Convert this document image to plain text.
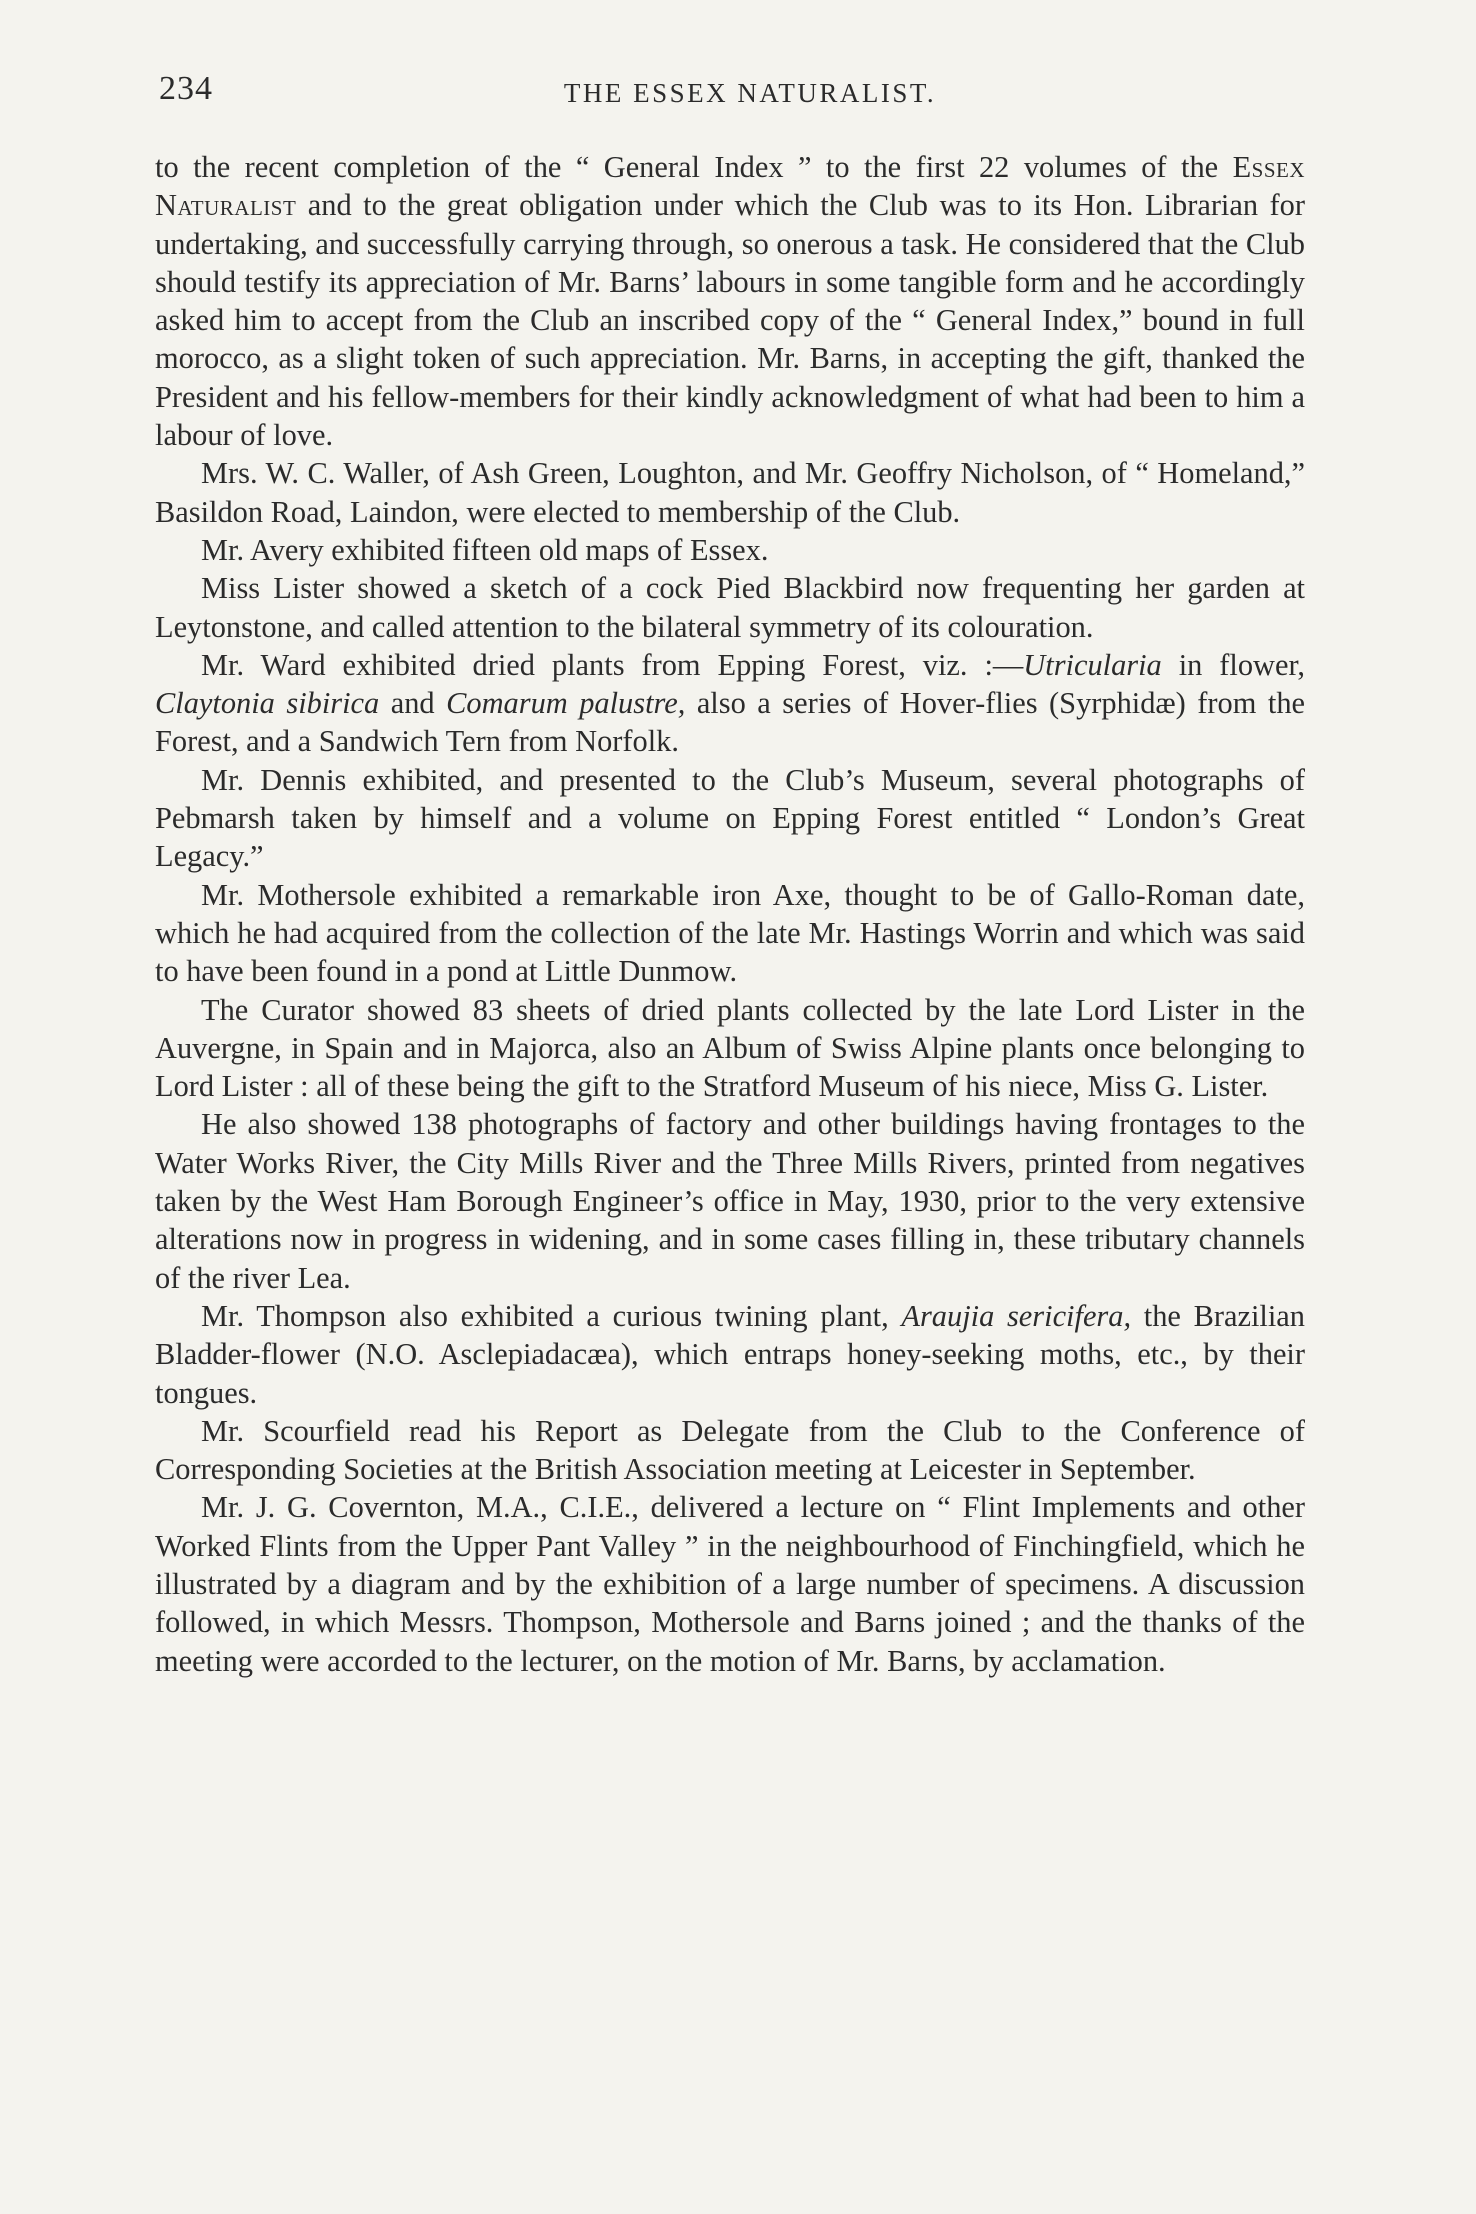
234	THE ESSEX NATURALIST.

to the recent completion of the “ General Index ” to the first 22 volumes of the Essex Naturalist and to the great obligation under which the Club was to its Hon. Librarian for undertaking, and successfully carrying through, so onerous a task. He considered that the Club should testify its appreciation of Mr. Barns’ labours in some tangible form and he accordingly asked him to accept from the Club an inscribed copy of the “ General Index,” bound in full morocco, as a slight token of such appreciation. Mr. Barns, in accepting the gift, thanked the President and his fellow-members for their kindly acknowledgment of what had been to him a labour of love.

Mrs. W. C. Waller, of Ash Green, Loughton, and Mr. Geoffry Nicholson, of “ Homeland,” Basildon Road, Laindon, were elected to membership of the Club.

Mr. Avery exhibited fifteen old maps of Essex.

Miss Lister showed a sketch of a cock Pied Blackbird now frequenting her garden at Leytonstone, and called attention to the bilateral symmetry of its colouration.

Mr. Ward exhibited dried plants from Epping Forest, viz. :—Utricularia in flower, Claytonia sibirica and Comarum palustre, also a series of Hover-flies (Syrphidæ) from the Forest, and a Sandwich Tern from Norfolk.

Mr. Dennis exhibited, and presented to the Club’s Museum, several photographs of Pebmarsh taken by himself and a volume on Epping Forest entitled “ London’s Great Legacy.”

Mr. Mothersole exhibited a remarkable iron Axe, thought to be of Gallo-Roman date, which he had acquired from the collection of the late Mr. Hastings Worrin and which was said to have been found in a pond at Little Dunmow.

The Curator showed 83 sheets of dried plants collected by the late Lord Lister in the Auvergne, in Spain and in Majorca, also an Album of Swiss Alpine plants once belonging to Lord Lister : all of these being the gift to the Stratford Museum of his niece, Miss G. Lister.

He also showed 138 photographs of factory and other buildings having frontages to the Water Works River, the City Mills River and the Three Mills Rivers, printed from negatives taken by the West Ham Borough Engineer’s office in May, 1930, prior to the very extensive alterations now in progress in widening, and in some cases filling in, these tributary channels of the river Lea.

Mr. Thompson also exhibited a curious twining plant, Araujia sericifera, the Brazilian Bladder-flower (N.O. Asclepiadacæa), which entraps honey-seeking moths, etc., by their tongues.

Mr. Scourfield read his Report as Delegate from the Club to the Conference of Corresponding Societies at the British Association meeting at Leicester in September.

Mr. J. G. Covernton, M.A., C.I.E., delivered a lecture on “ Flint Implements and other Worked Flints from the Upper Pant Valley ” in the neighbourhood of Finchingfield, which he illustrated by a diagram and by the exhibition of a large number of specimens. A discussion followed, in which Messrs. Thompson, Mothersole and Barns joined ; and the thanks of the meeting were accorded to the lecturer, on the motion of Mr. Barns, by acclamation.
